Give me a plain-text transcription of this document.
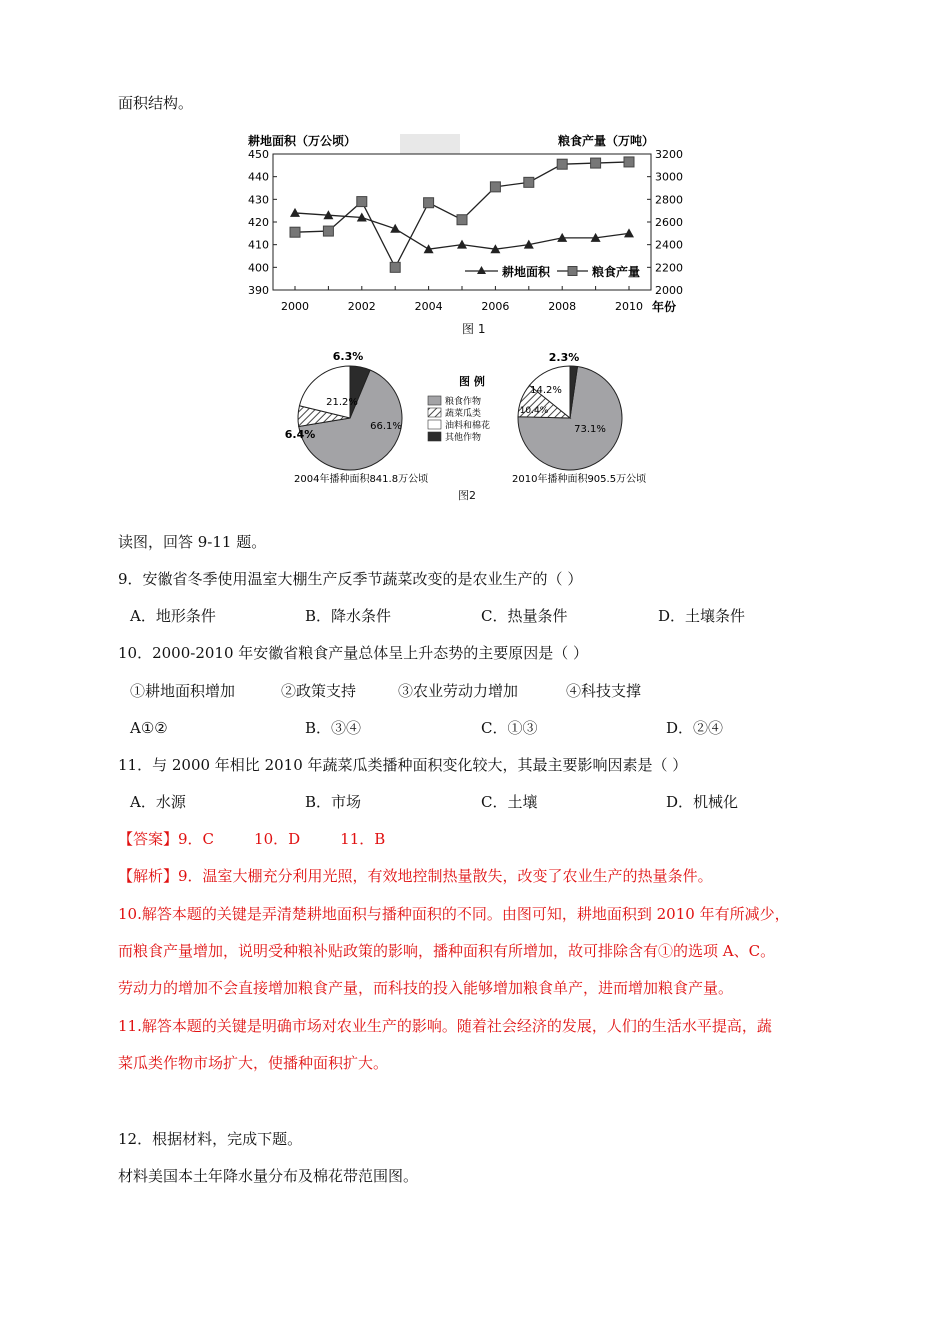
面积结构。
耕地面积（万公顷）	粮食产量（万吨）
450
440
430
420
410
400
390
3200
3000
2800
2600
2400
2200
2000
2000	2002	2004	2006	2008	2010 年份
耕地面积	粮食产量
图 1
66.1%
6.4%
21.2%
6.3%
73.1%
10.4%
14.2%
2.3%
图 例
粮食作物
蔬菜瓜类
油料和棉花
其他作物
2004年播种面积841.8万公顷	2010年播种面积905.5万公顷
图2
读图，回答 9-11 题。
9．安徽省冬季使用温室大棚生产反季节蔬菜改变的是农业生产的（ ）
A．地形条件	B．降水条件	C．热量条件	D．土壤条件
10．2000-2010 年安徽省粮食产量总体呈上升态势的主要原因是（ ）
①耕地面积增加	②政策支持	③农业劳动力增加	④科技支撑
A①②	B．③④	C．①③	D．②④
11．与 2000 年相比 2010 年蔬菜瓜类播种面积变化较大，其最主要影响因素是（ ）
A．水源	B．市场	C．土壤	D．机械化
【答案】9．C	10．D	11．B
【解析】9．温室大棚充分利用光照，有效地控制热量散失，改变了农业生产的热量条件。
10.解答本题的关键是弄清楚耕地面积与播种面积的不同。由图可知，耕地面积到 2010 年有所减少，
而粮食产量增加，说明受种粮补贴政策的影响，播种面积有所增加，故可排除含有①的选项 A、C。
劳动力的增加不会直接增加粮食产量，而科技的投入能够增加粮食单产，进而增加粮食产量。
11.解答本题的关键是明确市场对农业生产的影响。随着社会经济的发展，人们的生活水平提高，蔬
菜瓜类作物市场扩大，使播种面积扩大。
12．根据材料，完成下题。
材料美国本土年降水量分布及棉花带范围图。
